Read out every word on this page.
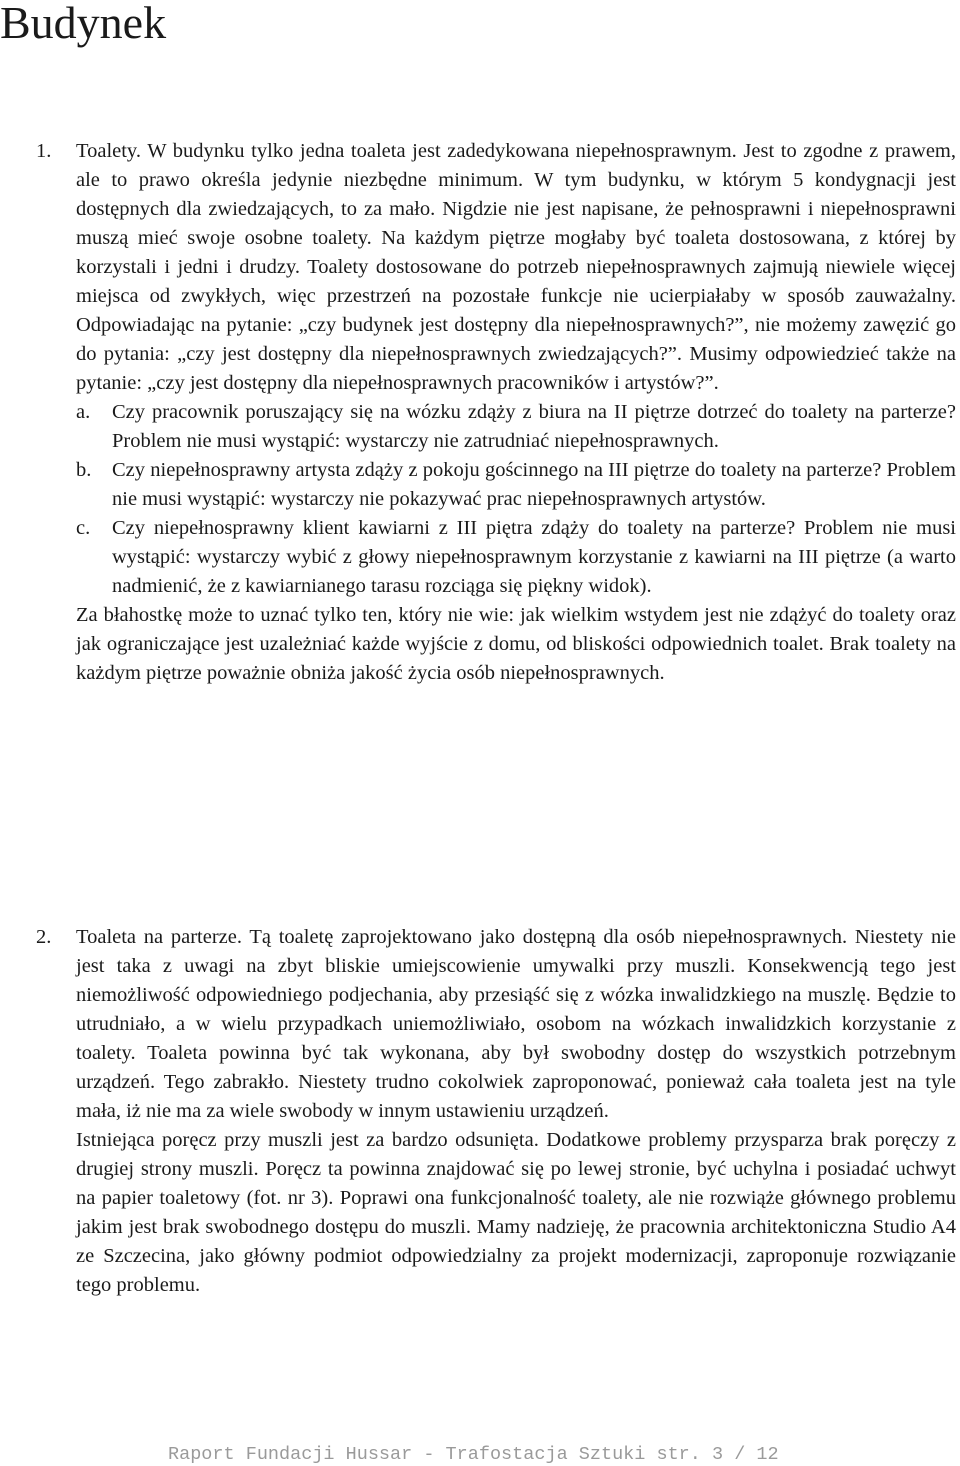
Budynek
1.	Toalety. W budynku tylko jedna toaleta jest zadedykowana niepełnosprawnym. Jest to zgodne z prawem, ale to prawo określa jedynie niezbędne minimum. W tym budynku, w którym 5 kondygnacji jest dostępnych dla zwiedzających, to za mało. Nigdzie nie jest napisane, że pełnosprawni i niepełnosprawni muszą mieć swoje osobne toalety. Na każdym piętrze mogłaby być toaleta dostosowana, z której by korzystali i jedni i drudzy. Toalety dostosowane do potrzeb niepełnosprawnych zajmują niewiele więcej miejsca od zwykłych, więc przestrzeń na pozostałe funkcje nie ucierpiałaby w sposób zauważalny. Odpowiadając na pytanie: „czy budynek jest dostępny dla niepełnosprawnych?”, nie możemy zawęzić go do pytania: „czy jest dostępny dla niepełnosprawnych zwiedzających?”. Musimy odpowiedzieć także na pytanie: „czy jest dostępny dla niepełnosprawnych pracowników i artystów?”.

a.	Czy pracownik poruszający się na wózku zdąży z biura na II piętrze dotrzeć do toalety na parterze? Problem nie musi wystąpić: wystarczy nie zatrudniać niepełnosprawnych.

b.	Czy niepełnosprawny artysta zdąży z pokoju gościnnego na III piętrze do toalety na parterze? Problem nie musi wystąpić: wystarczy nie pokazywać prac niepełnosprawnych artystów.

c.	Czy niepełnosprawny klient kawiarni z III piętra zdąży do toalety na parterze? Problem nie musi wystąpić: wystarczy wybić z głowy niepełnosprawnym korzystanie z kawiarni na III piętrze (a warto nadmienić, że z kawiarnianego tarasu rozciąga się piękny widok).

Za błahostkę może to uznać tylko ten, który nie wie: jak wielkim wstydem jest nie zdążyć do toalety oraz jak ograniczające jest uzależniać każde wyjście z domu, od bliskości odpowiednich toalet. Brak toalety na każdym piętrze poważnie obniża jakość życia osób niepełnosprawnych.

2.	Toaleta na parterze. Tą toaletę zaprojektowano jako dostępną dla osób niepełnosprawnych. Niestety nie jest taka z uwagi na zbyt bliskie umiejscowienie umywalki przy muszli. Konsekwencją tego jest niemożliwość odpowiedniego podjechania, aby przesiąść się z wózka inwalidzkiego na muszlę. Będzie to utrudniało, a w wielu przypadkach uniemożliwiało, osobom na wózkach inwalidzkich korzystanie z toalety. Toaleta powinna być tak wykonana, aby był swobodny dostęp do wszystkich potrzebnym urządzeń. Tego zabrakło. Niestety trudno cokolwiek zaproponować, ponieważ cała toaleta jest na tyle mała, iż nie ma za wiele swobody w innym ustawieniu urządzeń.

Istniejąca poręcz przy muszli jest za bardzo odsunięta. Dodatkowe problemy przysparza brak poręczy z drugiej strony muszli. Poręcz ta powinna znajdować się po lewej stronie, być uchylna i posiadać uchwyt na papier toaletowy (fot. nr 3). Poprawi ona funkcjonalność toalety, ale nie rozwiąże głównego problemu jakim jest brak swobodnego dostępu do muszli. Mamy nadzieję, że pracownia architektoniczna Studio A4 ze Szczecina, jako główny podmiot odpowiedzialny za projekt modernizacji, zaproponuje rozwiązanie tego problemu.

Raport Fundacji Hussar - Trafostacja Sztuki str. 3 / 12
